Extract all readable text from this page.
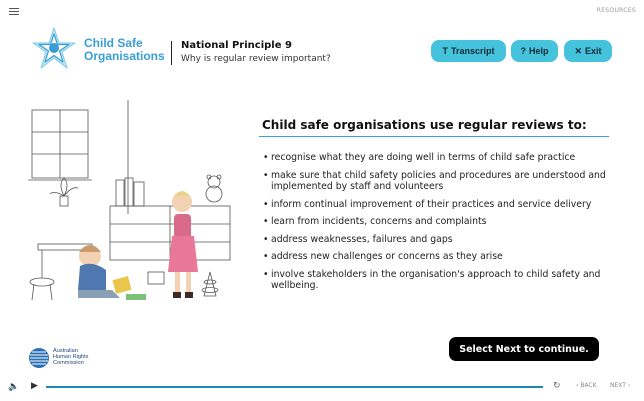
RESOURCES
Child Safe
Organisations
National Principle 9
Why is regular review important?
T Transcript	? Help	✕ Exit
Child safe organisations use regular reviews to:
• recognise what they are doing well in terms of child safe practice
• make sure that child safety policies and procedures are understood and implemented by staff and volunteers
• inform continual improvement of their practices and service delivery
• learn from incidents, concerns and complaints
• address weaknesses, failures and gaps
• address new challenges or concerns as they arise
• involve stakeholders in the organisation's approach to child safety and wellbeing.
Select Next to continue.
Australian
Human Rights
Commission
🔈 ▶	↻	‹ BACK NEXT ›
